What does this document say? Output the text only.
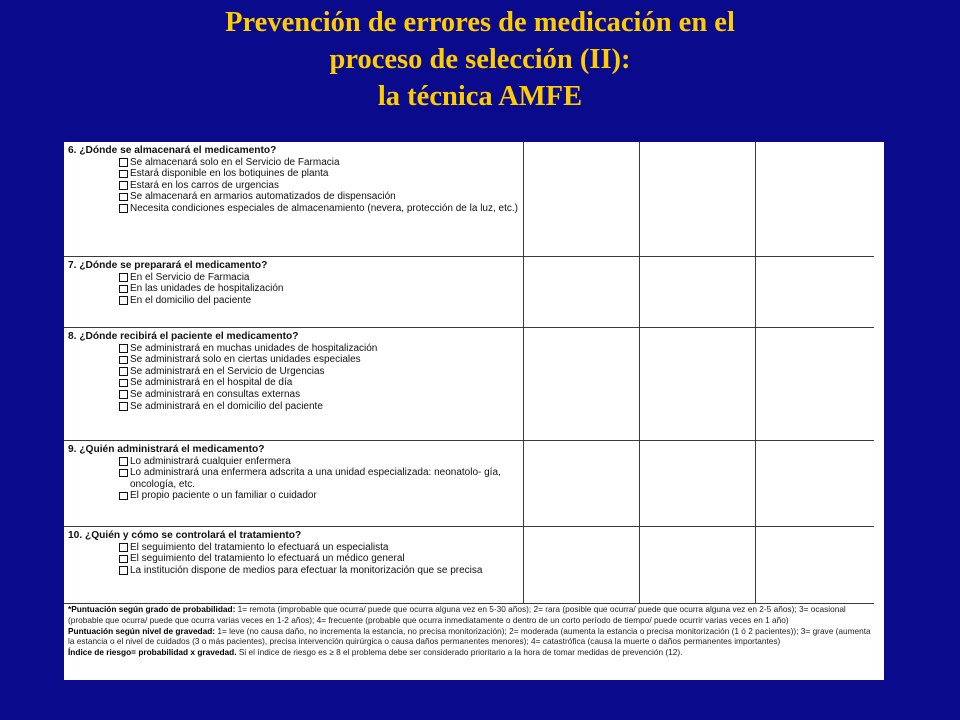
Prevención de errores de medicación en el
proceso de selección (II):
la técnica AMFE
6. ¿Dónde se almacenará el medicamento?
Se almacenará solo en el Servicio de Farmacia
Estará disponible en los botiquines de planta
Estará en los carros de urgencias
Se almacenará en armarios automatizados de dispensación
Necesita condiciones especiales de almacenamiento (nevera, protección de la luz, etc.)
7. ¿Dónde se preparará el medicamento?
En el Servicio de Farmacia
En las unidades de hospitalización
En el domicilio del paciente
8. ¿Dónde recibirá el paciente el medicamento?
Se administrará en muchas unidades de hospitalización
Se administrará solo en ciertas unidades especiales
Se administrará en el Servicio de Urgencias
Se administrará en el hospital de día
Se administrará en consultas externas
Se administrará en el domicilio del paciente
9. ¿Quién administrará el medicamento?
Lo administrará cualquier enfermera
Lo administrará una enfermera adscrita a una unidad especializada: neonatolo- gía, oncología, etc.
El propio paciente o un familiar o cuidador
10. ¿Quién y cómo se controlará el tratamiento?
El seguimiento del tratamiento lo efectuará un especialista
El seguimiento del tratamiento lo efectuará un médico general
La institución dispone de medios para efectuar la monitorización que se precisa
*Puntuación según grado de probabilidad: 1= remota (improbable que ocurra/ puede que ocurra alguna vez en 5-30 años); 2= rara (posible que ocurra/ puede que ocurra alguna vez en 2-5 años); 3= ocasional (probable que ocurra/ puede que ocurra varias veces en 1-2 años); 4= frecuente (probable que ocurra inmediatamente o dentro de un corto período de tiempo/ puede ocurrir varias veces en 1 año)
Puntuación según nivel de gravedad: 1= leve (no causa daño, no incrementa la estancia, no precisa monitorización); 2= moderada (aumenta la estancia o precisa monitorización (1 ó 2 pacientes)); 3= grave (aumenta la estancia o el nivel de cuidados (3 o más pacientes), precisa intervención quirúrgica o causa daños permanentes menores); 4= catastrófica (causa la muerte o daños permanentes importantes)
Índice de riesgo= probabilidad x gravedad. Si el índice de riesgo es ≥ 8 el problema debe ser considerado prioritario a la hora de tomar medidas de prevención (12).
